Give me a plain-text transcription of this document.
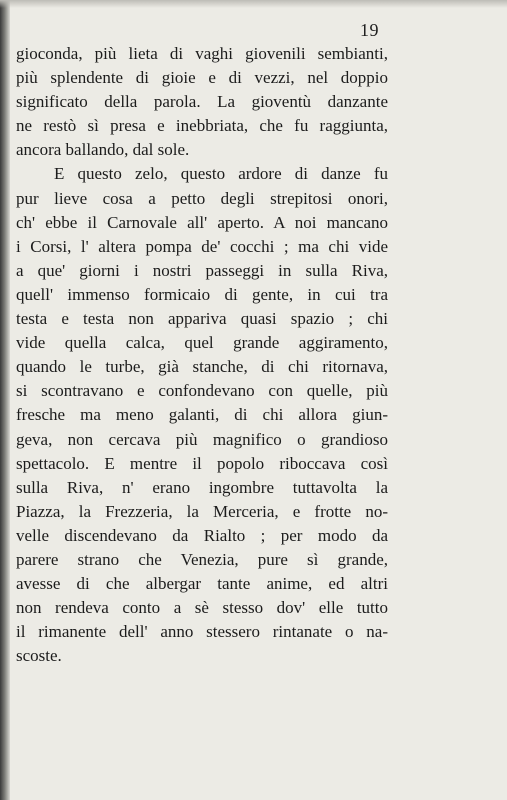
19
gioconda, più lieta di vaghi giovenili sembianti,
più splendente di gioie e di vezzi, nel doppio
significato della parola. La gioventù danzante
ne restò sì presa e inebbriata, che fu raggiunta,
ancora ballando, dal sole.
E questo zelo, questo ardore di danze fu
pur lieve cosa a petto degli strepitosi onori,
ch' ebbe il Carnovale all' aperto. A noi mancano
i Corsi, l' altera pompa de' cocchi ; ma chi vide
a que' giorni i nostri passeggi in sulla Riva,
quell' immenso formicaio di gente, in cui tra
testa e testa non appariva quasi spazio ; chi
vide quella calca, quel grande aggiramento,
quando le turbe, già stanche, di chi ritornava,
si scontravano e confondevano con quelle, più
fresche ma meno galanti, di chi allora giun-
geva, non cercava più magnifico o grandioso
spettacolo. E mentre il popolo riboccava così
sulla Riva, n' erano ingombre tuttavolta la
Piazza, la Frezzeria, la Merceria, e frotte no-
velle discendevano da Rialto ; per modo da
parere strano che Venezia, pure sì grande,
avesse di che albergar tante anime, ed altri
non rendeva conto a sè stesso dov' elle tutto
il rimanente dell' anno stessero rintanate o na-
scoste.
